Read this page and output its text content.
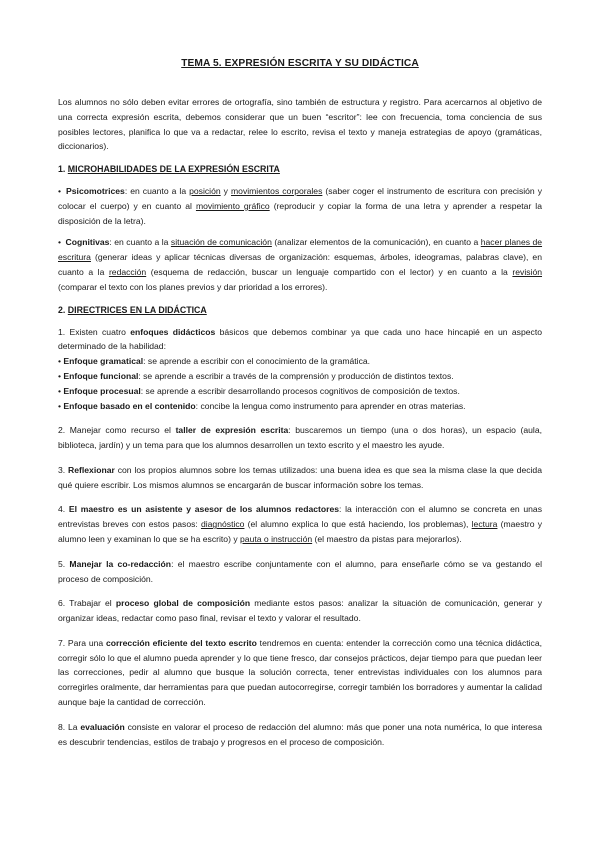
TEMA 5. EXPRESIÓN ESCRITA Y SU DIDÁCTICA

Los alumnos no sólo deben evitar errores de ortografía, sino también de estructura y registro. Para acercarnos al objetivo de una correcta expresión escrita, debemos considerar que un buen “escritor”: lee con frecuencia, toma conciencia de sus posibles lectores, planifica lo que va a redactar, relee lo escrito, revisa el texto y maneja estrategias de apoyo (gramáticas, diccionarios).

1. MICROHABILIDADES DE LA EXPRESIÓN ESCRITA

• Psicomotrices: en cuanto a la posición y movimientos corporales (saber coger el instrumento de escritura con precisión y colocar el cuerpo) y en cuanto al movimiento gráfico (reproducir y copiar la forma de una letra y aprender a respetar la disposición de la letra).

• Cognitivas: en cuanto a la situación de comunicación (analizar elementos de la comunicación), en cuanto a hacer planes de escritura (generar ideas y aplicar técnicas diversas de organización: esquemas, árboles, ideogramas, palabras clave), en cuanto a la redacción (esquema de redacción, buscar un lenguaje compartido con el lector) y en cuanto a la revisión (comparar el texto con los planes previos y dar prioridad a los errores).

2. DIRECTRICES EN LA DIDÁCTICA

1. Existen cuatro enfoques didácticos básicos que debemos combinar ya que cada uno hace hincapié en un aspecto determinado de la habilidad:

• Enfoque gramatical: se aprende a escribir con el conocimiento de la gramática.
• Enfoque funcional: se aprende a escribir a través de la comprensión y producción de distintos textos.
• Enfoque procesual: se aprende a escribir desarrollando procesos cognitivos de composición de textos.
• Enfoque basado en el contenido: concibe la lengua como instrumento para aprender en otras materias.

2. Manejar como recurso el taller de expresión escrita: buscaremos un tiempo (una o dos horas), un espacio (aula, biblioteca, jardín) y un tema para que los alumnos desarrollen un texto escrito y el maestro les ayude.

3. Reflexionar con los propios alumnos sobre los temas utilizados: una buena idea es que sea la misma clase la que decida qué quiere escribir. Los mismos alumnos se encargarán de buscar información sobre los temas.

4. El maestro es un asistente y asesor de los alumnos redactores: la interacción con el alumno se concreta en unas entrevistas breves con estos pasos: diagnóstico (el alumno explica lo que está haciendo, los problemas), lectura (maestro y alumno leen y examinan lo que se ha escrito) y pauta o instrucción (el maestro da pistas para mejorarlos).

5. Manejar la co-redacción: el maestro escribe conjuntamente con el alumno, para enseñarle cómo se va gestando el proceso de composición.

6. Trabajar el proceso global de composición mediante estos pasos: analizar la situación de comunicación, generar y organizar ideas, redactar como paso final, revisar el texto y valorar el resultado.

7. Para una corrección eficiente del texto escrito tendremos en cuenta: entender la corrección como una técnica didáctica, corregir sólo lo que el alumno pueda aprender y lo que tiene fresco, dar consejos prácticos, dejar tiempo para que puedan leer las correcciones, pedir al alumno que busque la solución correcta, tener entrevistas individuales con los alumnos para corregirles oralmente, dar herramientas para que puedan autocorregirse, corregir también los borradores y aumentar la calidad aunque baje la cantidad de corrección.

8. La evaluación consiste en valorar el proceso de redacción del alumno: más que poner una nota numérica, lo que interesa es descubrir tendencias, estilos de trabajo y progresos en el proceso de composición.
